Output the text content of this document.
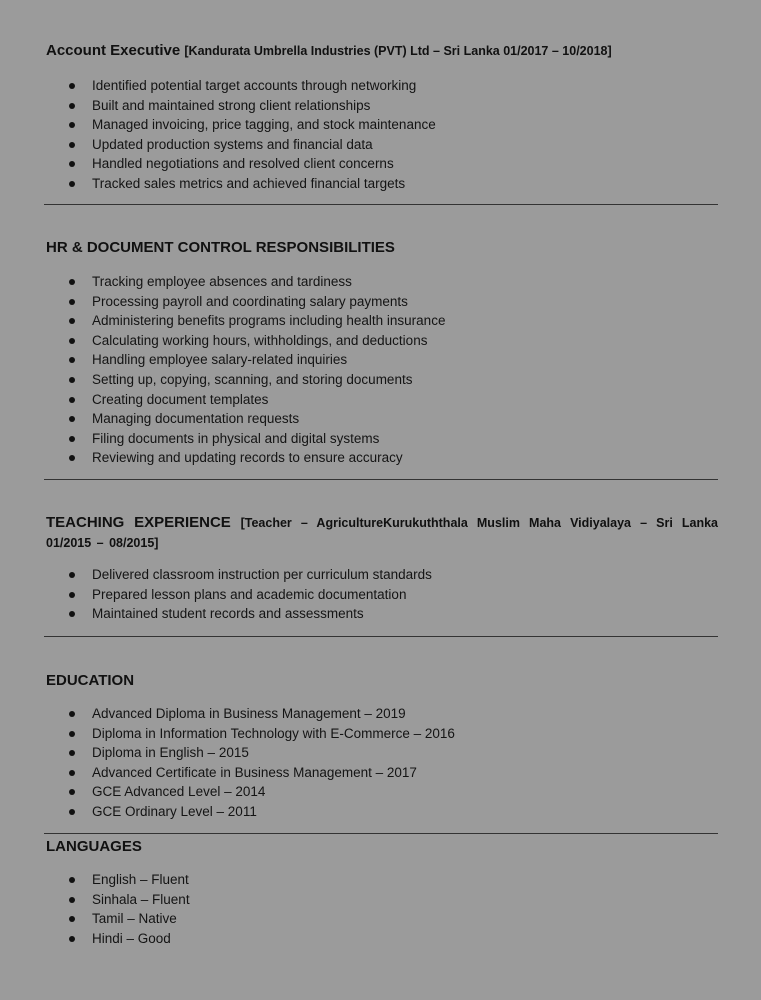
Account Executive [Kandurata Umbrella Industries (PVT) Ltd – Sri Lanka 01/2017 – 10/2018]

Identified potential target accounts through networking
Built and maintained strong client relationships
Managed invoicing, price tagging, and stock maintenance
Updated production systems and financial data
Handled negotiations and resolved client concerns
Tracked sales metrics and achieved financial targets

HR & DOCUMENT CONTROL RESPONSIBILITIES

Tracking employee absences and tardiness
Processing payroll and coordinating salary payments
Administering benefits programs including health insurance
Calculating working hours, withholdings, and deductions
Handling employee salary-related inquiries
Setting up, copying, scanning, and storing documents
Creating document templates
Managing documentation requests
Filing documents in physical and digital systems
Reviewing and updating records to ensure accuracy

TEACHING EXPERIENCE [Teacher – AgricultureKurukuththala Muslim Maha Vidiyalaya – Sri Lanka 01/2015 – 08/2015]

Delivered classroom instruction per curriculum standards
Prepared lesson plans and academic documentation
Maintained student records and assessments

EDUCATION

Advanced Diploma in Business Management – 2019
Diploma in Information Technology with E-Commerce – 2016
Diploma in English – 2015
Advanced Certificate in Business Management – 2017
GCE Advanced Level – 2014
GCE Ordinary Level – 2011

LANGUAGES

English – Fluent
Sinhala – Fluent
Tamil – Native
Hindi – Good
